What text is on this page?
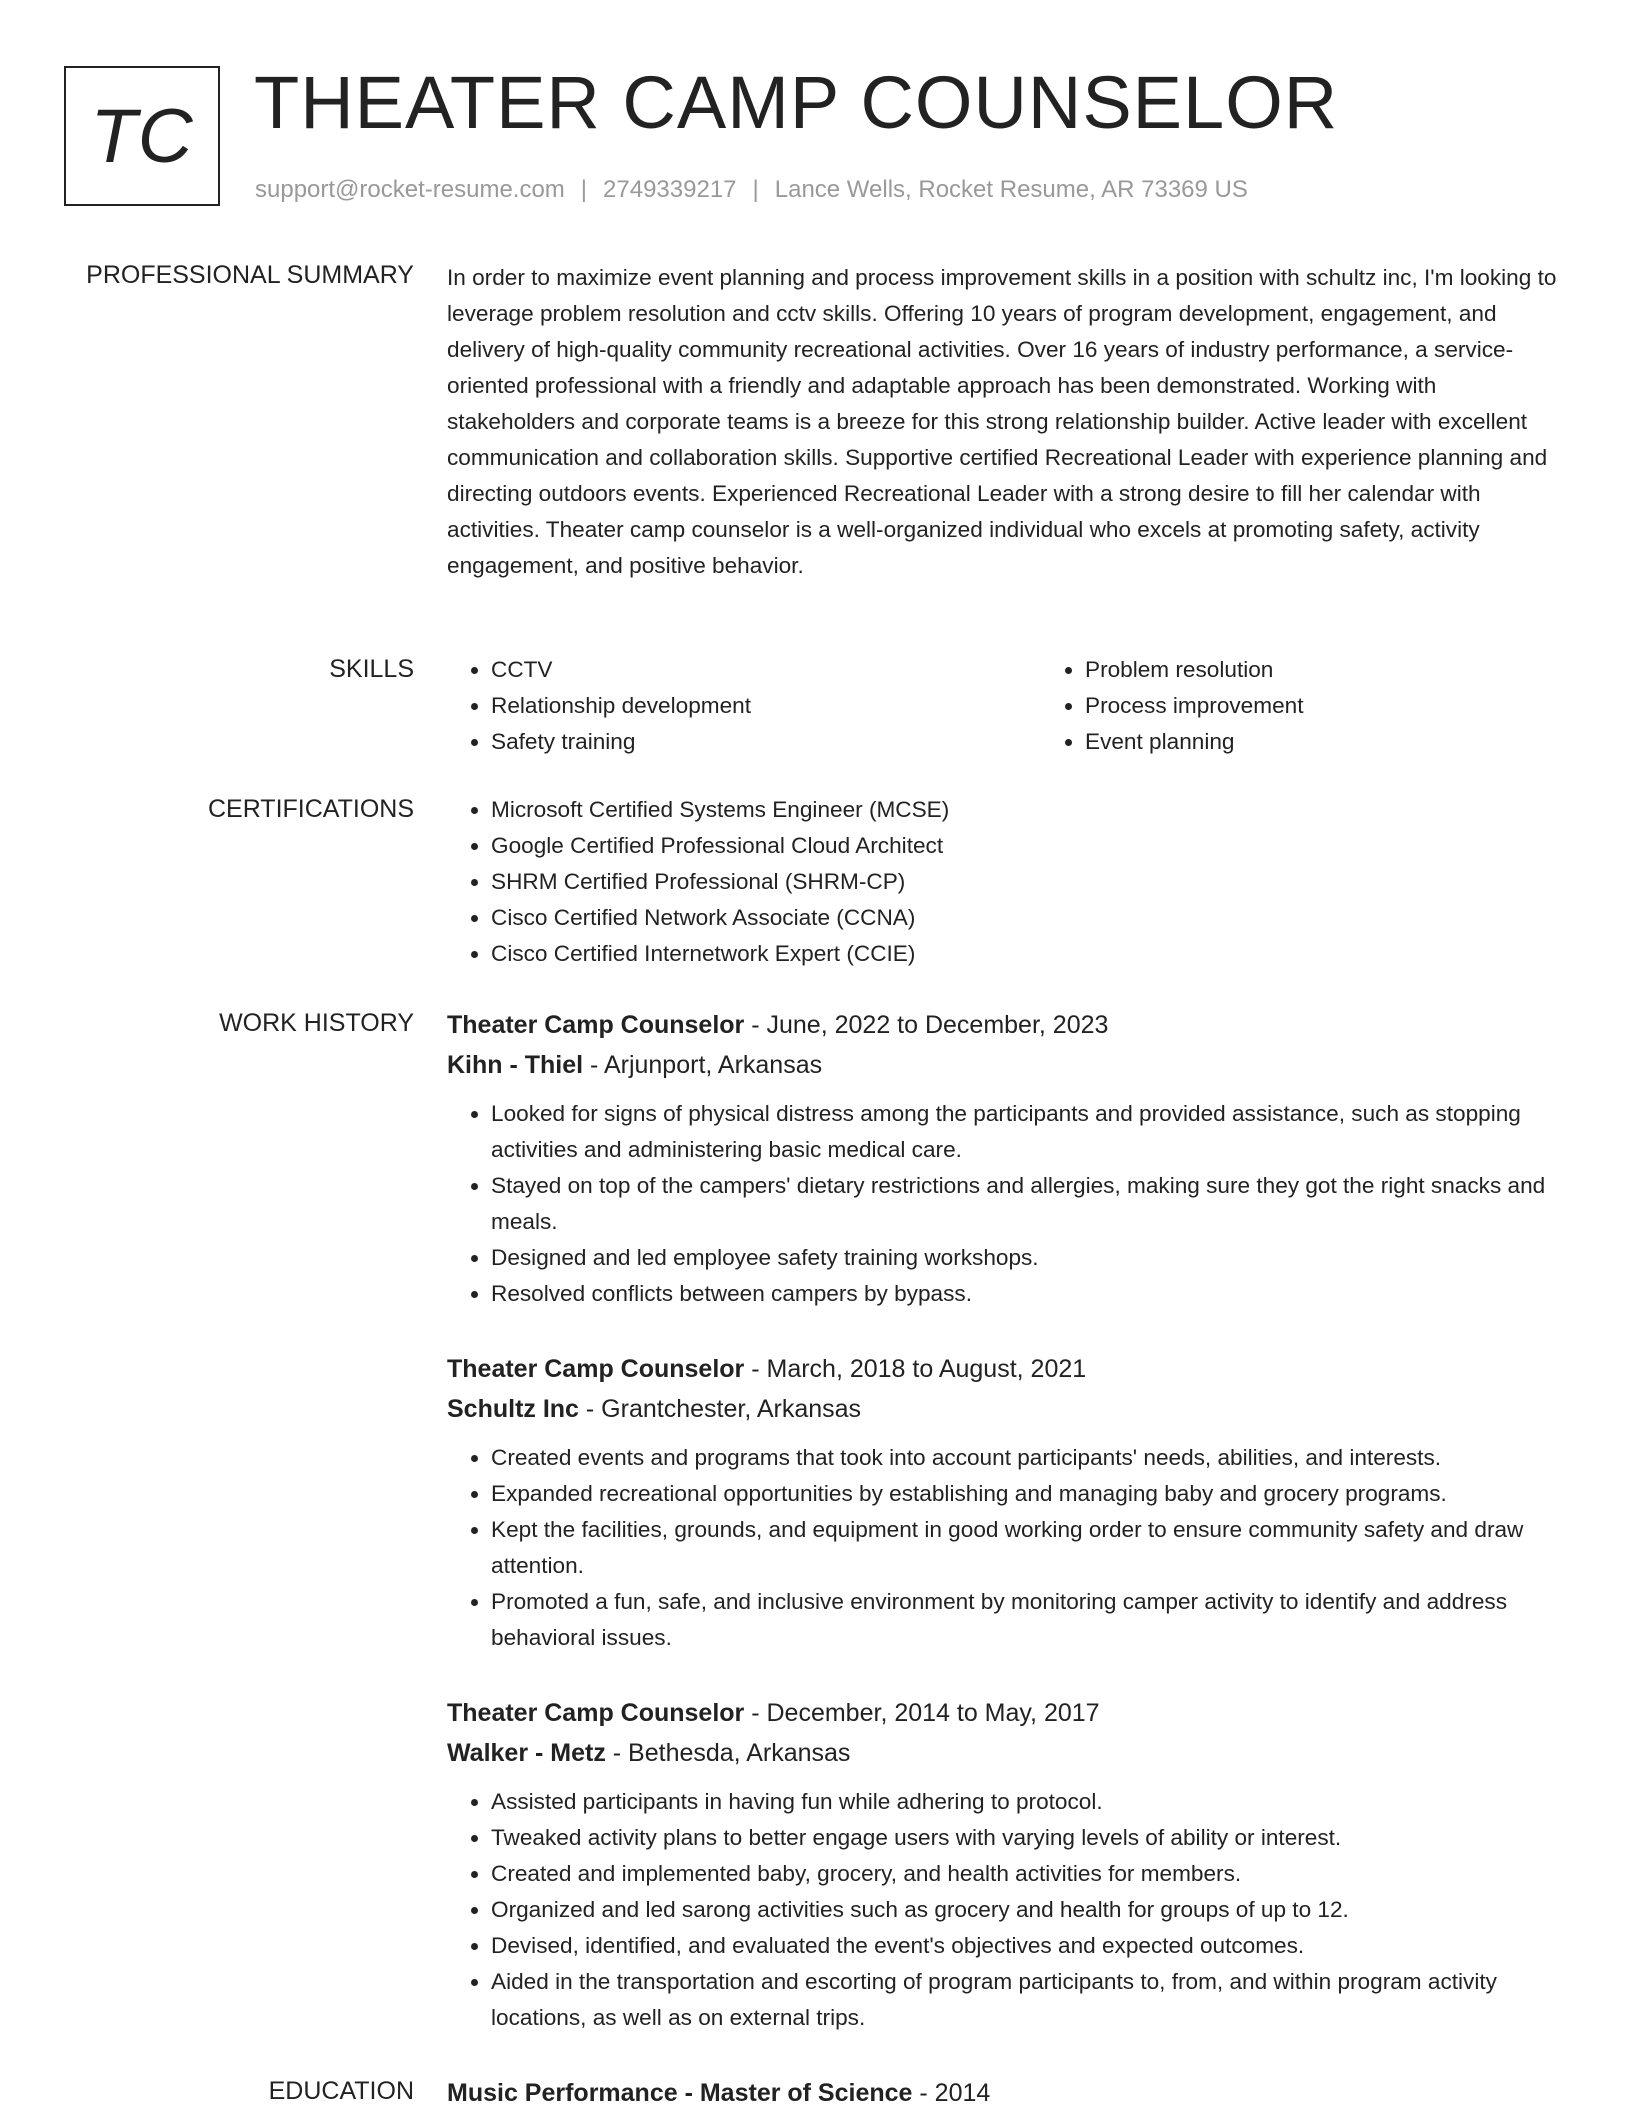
TC THEATER CAMP COUNSELOR
support@rocket-resume.com | 2749339217 | Lance Wells, Rocket Resume, AR 73369 US
PROFESSIONAL SUMMARY In order to maximize event planning and process improvement skills in a position with schultz inc, I'm looking to leverage problem resolution and cctv skills. Offering 10 years of program development, engagement, and delivery of high-quality community recreational activities. Over 16 years of industry performance, a service-oriented professional with a friendly and adaptable approach has been demonstrated. Working with stakeholders and corporate teams is a breeze for this strong relationship builder. Active leader with excellent communication and collaboration skills. Supportive certified Recreational Leader with experience planning and directing outdoors events. Experienced Recreational Leader with a strong desire to fill her calendar with activities. Theater camp counselor is a well-organized individual who excels at promoting safety, activity engagement, and positive behavior.

SKILLS	• CCTV
• Relationship development
• Safety training
• Problem resolution
• Process improvement
• Event planning
CERTIFICATIONS	• Microsoft Certified Systems Engineer (MCSE)
• Google Certified Professional Cloud Architect
• SHRM Certified Professional (SHRM-CP)
• Cisco Certified Network Associate (CCNA)
• Cisco Certified Internetwork Expert (CCIE)
WORK HISTORY Theater Camp Counselor - June, 2022 to December, 2023

Kihn - Thiel - Arjunport, Arkansas

• Looked for signs of physical distress among the participants and provided assistance, such as stopping activities and administering basic medical care.
• Stayed on top of the campers' dietary restrictions and allergies, making sure they got the right snacks and meals.
• Designed and led employee safety training workshops.
• Resolved conflicts between campers by bypass.

Theater Camp Counselor - March, 2018 to August, 2021

Schultz Inc - Grantchester, Arkansas

• Created events and programs that took into account participants' needs, abilities, and interests.
• Expanded recreational opportunities by establishing and managing baby and grocery programs.
• Kept the facilities, grounds, and equipment in good working order to ensure community safety and draw attention.
• Promoted a fun, safe, and inclusive environment by monitoring camper activity to identify and address behavioral issues.

Theater Camp Counselor - December, 2014 to May, 2017

Walker - Metz - Bethesda, Arkansas

• Assisted participants in having fun while adhering to protocol.
• Tweaked activity plans to better engage users with varying levels of ability or interest.
• Created and implemented baby, grocery, and health activities for members.
• Organized and led sarong activities such as grocery and health for groups of up to 12.
• Devised, identified, and evaluated the event's objectives and expected outcomes.
• Aided in the transportation and escorting of program participants to, from, and within program activity locations, as well as on external trips.
EDUCATION Music Performance - Master of Science - 2014
